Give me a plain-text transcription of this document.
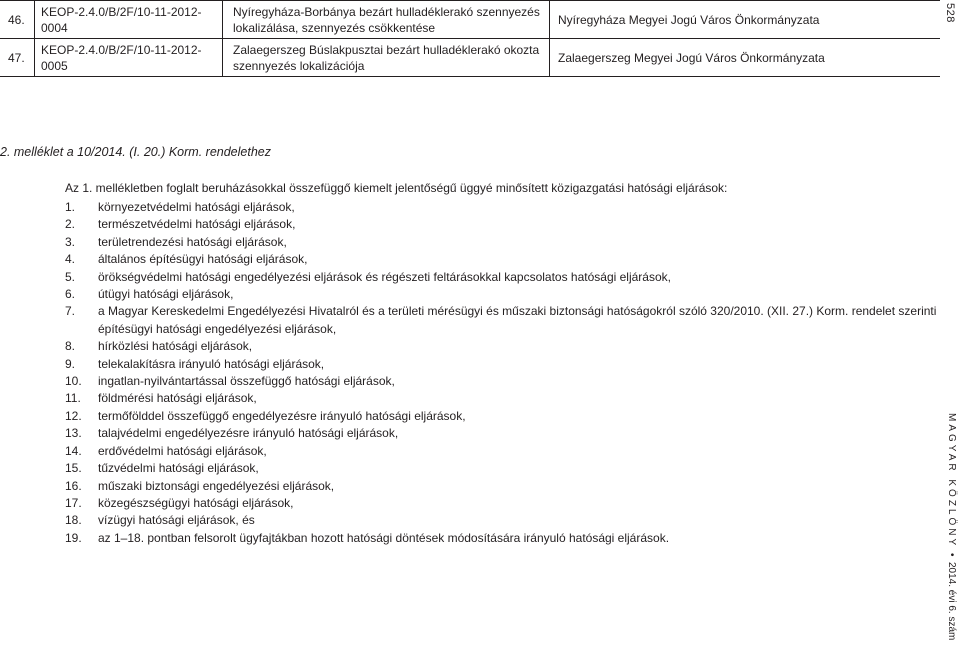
46.	KEOP-2.4.0/B/2F/10-11-2012-0004	Nyíregyháza-Borbánya bezárt hulladéklerakó szennyezés
lokalizálása, szennyezés csökkentése	Nyíregyháza Megyei Jogú Város Önkormányzata
47.	KEOP-2.4.0/B/2F/10-11-2012-0005	Zalaegerszeg Búslakpusztai bezárt hulladéklerakó okozta
szennyezés lokalizációja	Zalaegerszeg Megyei Jogú Város Önkormányzata
528
2. melléklet a 10/2014. (I. 20.) Korm. rendelethez
Az 1. mellékletben foglalt beruházásokkal összefüggő kiemelt jelentőségű üggyé minősített közigazgatási hatósági eljárások:
1.	környezetvédelmi hatósági eljárások,
2.	természetvédelmi hatósági eljárások,
3.	területrendezési hatósági eljárások,
4.	általános építésügyi hatósági eljárások,
5.	örökségvédelmi hatósági engedélyezési eljárások és régészeti feltárásokkal kapcsolatos hatósági eljárások,
6.	útügyi hatósági eljárások,
7.	a Magyar Kereskedelmi Engedélyezési Hivatalról és a területi mérésügyi és műszaki biztonsági hatóságokról szóló 320/2010. (XII. 27.) Korm. rendelet szerinti építésügyi hatósági engedélyezési eljárások,
8.	hírközlési hatósági eljárások,
9.	telekalakításra irányuló hatósági eljárások,
10.	ingatlan-nyilvántartással összefüggő hatósági eljárások,
11.	földmérési hatósági eljárások,
12.	termőfölddel összefüggő engedélyezésre irányuló hatósági eljárások,
13.	talajvédelmi engedélyezésre irányuló hatósági eljárások,
14.	erdővédelmi hatósági eljárások,
15.	tűzvédelmi hatósági eljárások,
16.	műszaki biztonsági engedélyezési eljárások,
17.	közegészségügyi hatósági eljárások,
18.	vízügyi hatósági eljárások, és
19.	az 1–18. pontban felsorolt ügyfajtákban hozott hatósági döntések módosítására irányuló hatósági eljárások.	MAGYAR KÖZLÖNY
•
2014. évi 6. szám
